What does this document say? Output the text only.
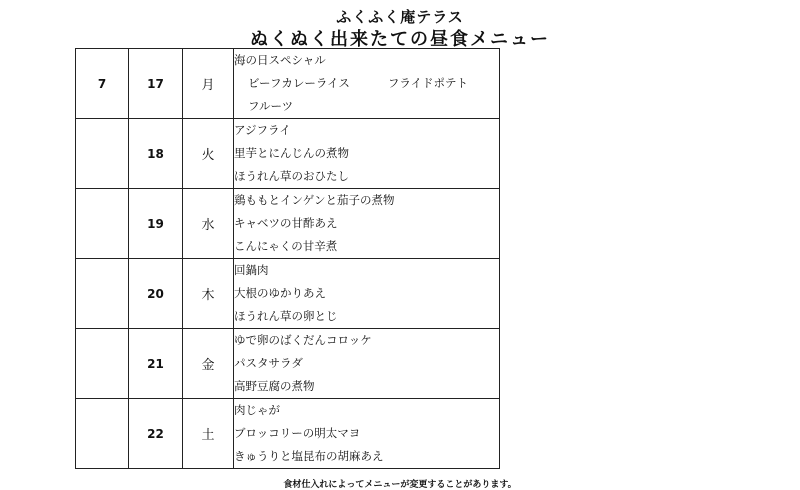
ふくふく庵テラス
ぬくぬく出来たての昼食メニュー
7	17	月	海の日スペシャル
ビーフカレーライス フライドポテト
フルーツ

	18	火	アジフライ
里芋とにんじんの煮物
ほうれん草のおひたし

	19	水	鶏ももとインゲンと茄子の煮物
キャベツの甘酢あえ
こんにゃくの甘辛煮

	20	木	回鍋肉
大根のゆかりあえ
ほうれん草の卵とじ

	21	金	ゆで卵のばくだんコロッケ
パスタサラダ
高野豆腐の煮物

	22	土	肉じゃが
ブロッコリーの明太マヨ
きゅうりと塩昆布の胡麻あえ
食材仕入れによってメニューが変更することがあります。
